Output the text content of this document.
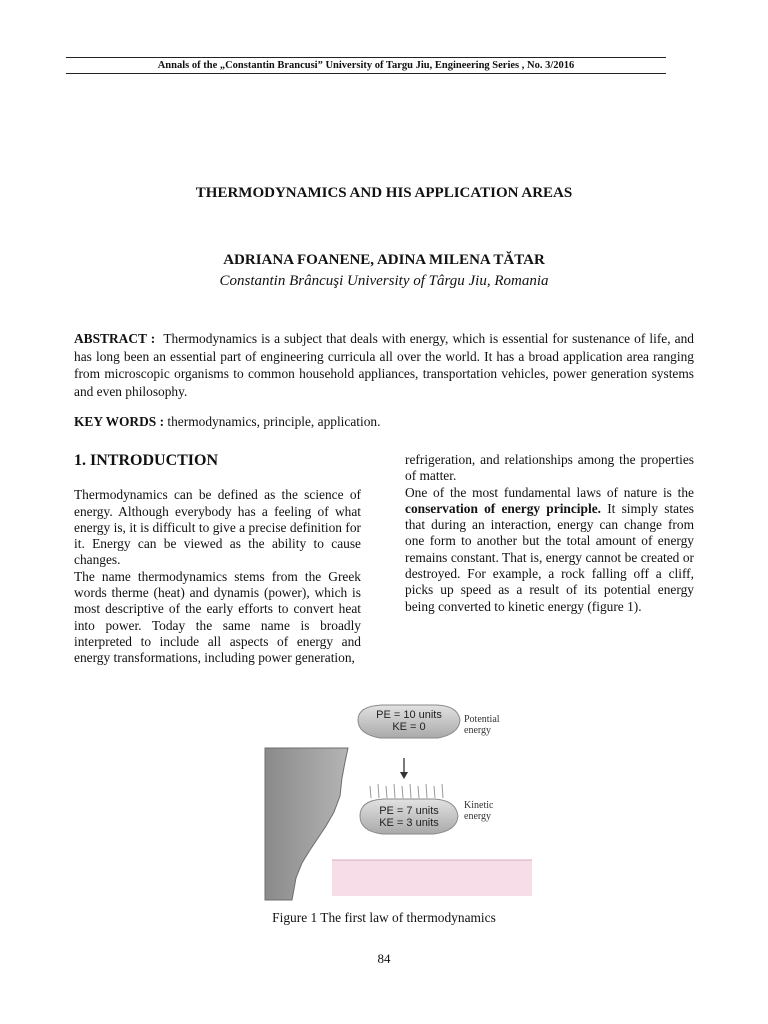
Annals of the „Constantin Brancusi” University of Targu Jiu, Engineering Series , No. 3/2016
THERMODYNAMICS AND HIS APPLICATION AREAS
ADRIANA FOANENE, ADINA MILENA TĂTAR
Constantin Brâncuşi University of Târgu Jiu, Romania

ABSTRACT : Thermodynamics is a subject that deals with energy, which is essential for sustenance of life, and has long been an essential part of engineering curricula all over the world. It has a broad application area ranging from microscopic organisms to common household appliances, transportation vehicles, power generation systems and even philosophy.

KEY WORDS : thermodynamics, principle, application.

1. INTRODUCTION

Thermodynamics can be defined as the science of energy. Although everybody has a feeling of what energy is, it is difficult to give a precise definition for it. Energy can be viewed as the ability to cause changes.

The name thermodynamics stems from the Greek words therme (heat) and dynamis (power), which is most descriptive of the early efforts to convert heat into power. Today the same name is broadly interpreted to include all aspects of energy and energy transformations, including power generation,

refrigeration, and relationships among the properties of matter.

One of the most fundamental laws of nature is the conservation of energy principle. It simply states that during an interaction, energy can change from one form to another but the total amount of energy remains constant. That is, energy cannot be created or destroyed. For example, a rock falling off a cliff, picks up speed as a result of its potential energy being converted to kinetic energy (figure 1).

PE = 10 units
KE = 0
Potential
energy
PE = 7 units
KE = 3 units
Kinetic
energy
Figure 1 The first law of thermodynamics
84
